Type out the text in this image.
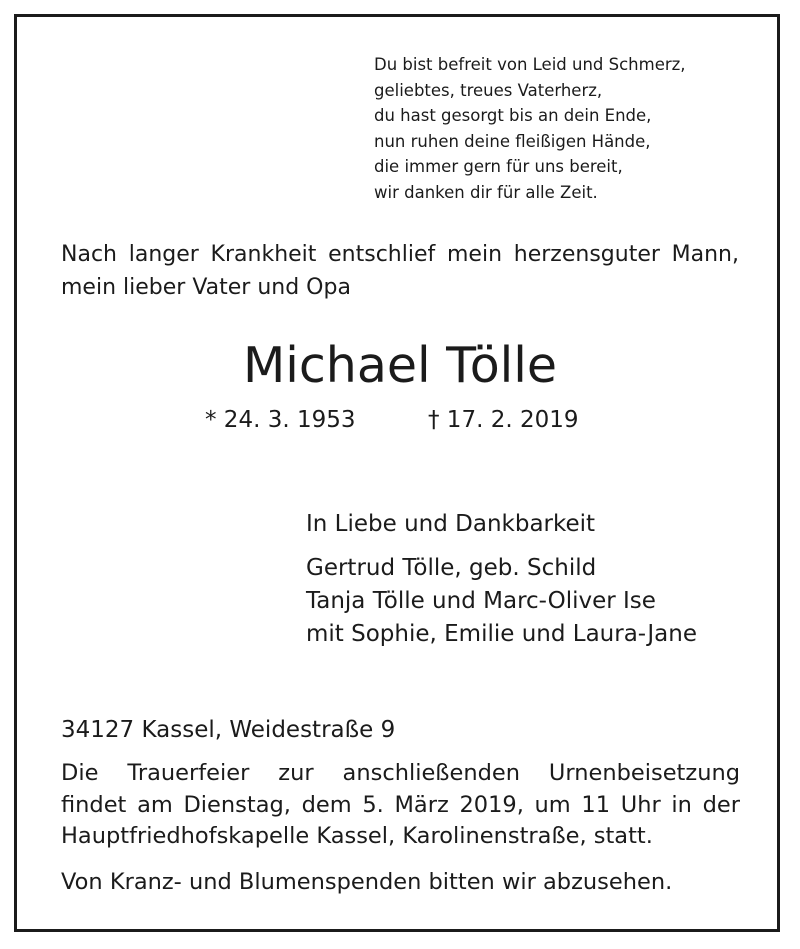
Du bist befreit von Leid und Schmerz,
geliebtes, treues Vaterherz,
du hast gesorgt bis an dein Ende,
nun ruhen deine fleißigen Hände,
die immer gern für uns bereit,
wir danken dir für alle Zeit.
Nach langer Krankheit entschlief mein herzensguter Mann, mein lieber Vater und Opa
Michael Tölle
* 24. 3. 1953	† 17. 2. 2019
In Liebe und Dankbarkeit
Gertrud Tölle, geb. Schild
Tanja Tölle und Marc-Oliver Ise
mit Sophie, Emilie und Laura-Jane
34127 Kassel, Weidestraße 9
Die Trauerfeier zur anschließenden Urnenbeisetzung
findet am Dienstag, dem 5. März 2019, um 11 Uhr in der
Hauptfriedhofskapelle Kassel, Karolinenstraße, statt.
Von Kranz- und Blumenspenden bitten wir abzusehen.
